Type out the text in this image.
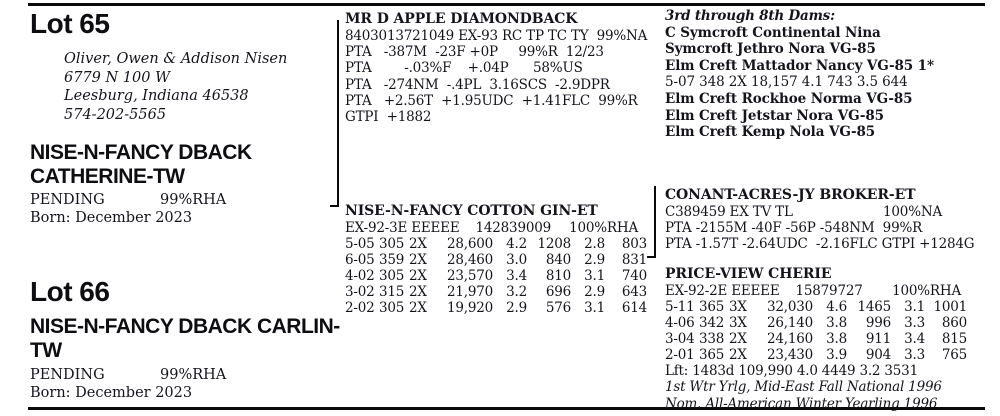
Lot 65
Oliver, Owen & Addison Nisen
6779 N 100 W
Leesburg, Indiana 46538
574-202-5565
NISE-N-FANCY DBACK
CATHERINE-TW
PENDING	99%RHA
Born: December 2023
Lot 66
NISE-N-FANCY DBACK CARLIN-
TW
PENDING	99%RHA
Born: December 2023
MR D APPLE DIAMONDBACK
8403013721049 EX-93 RC TP TC TY  99%NA
PTA   -387M  -23F +0P     99%R  12/23
PTA        -.03%F    +.04P      58%US
PTA   -274NM  -.4PL  3.16SCS  -2.9DPR
PTA   +2.56T  +1.95UDC  +1.41FLC  99%R
GTPI  +1882
NISE-N-FANCY COTTON GIN-ET
EX-92-3E EEEEE 142839009 100%RHA
5-05 305 2X	28,600 4.2 1208 2.8	803
6-05 359 2X	28,460 3.0	840 2.9	831
4-02 305 2X	23,570 3.4	810 3.1	740
3-02 315 2X	21,970 3.2	696 2.9	643
2-02 305 2X	19,920 2.9	576 3.1	614
3rd through 8th Dams:
C Symcroft Continental Nina
Symcroft Jethro Nora VG-85
Elm Creft Mattador Nancy VG-85 1*
5-07 348 2X 18,157 4.1 743 3.5 644
Elm Creft Rockhoe Norma VG-85
Elm Creft Jetstar Nora VG-85
Elm Creft Kemp Nola VG-85
CONANT-ACRES-JY BROKER-ET
C389459 EX TV TL	100%NA
PTA -2155M -40F -56P -548NM  99%R
PTA -1.57T -2.64UDC  -2.16FLC GTPI +1284G
PRICE-VIEW CHERIE
EX-92-2E EEEEE 15879727 100%RHA
5-11 365 3X	32,030 4.6 1465 3.1 1001
4-06 342 3X	26,140 3.8	996 3.3	860
3-04 338 2X	24,160 3.8	911 3.4	815
2-01 365 2X	23,430 3.9	904 3.3	765
Lft: 1483d 109,990 4.0 4449 3.2 3531
1st Wtr Yrlg, Mid-East Fall National 1996
Nom. All-American Winter Yearling 1996
